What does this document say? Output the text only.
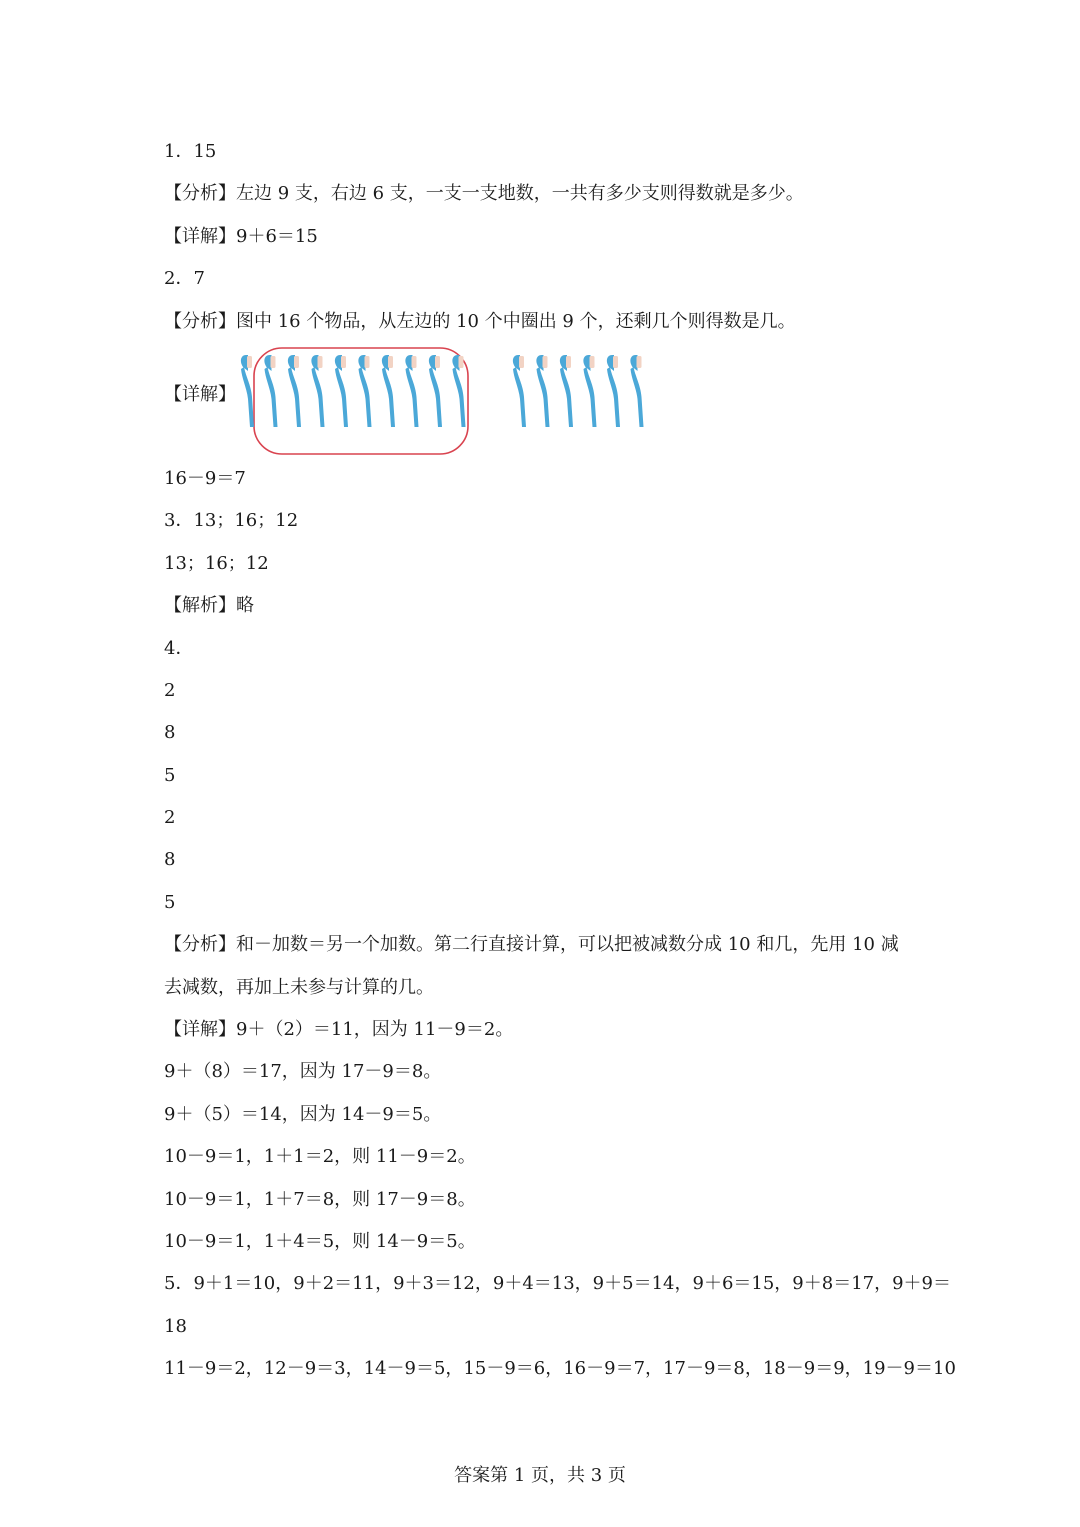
1．15
【分析】左边 9 支，右边 6 支，一支一支地数，一共有多少支则得数就是多少。
【详解】9＋6＝15
2．7
【分析】图中 16 个物品，从左边的 10 个中圈出 9 个，还剩几个则得数是几。
【详解】
16－9＝7
3．13；16；12
13；16；12
【解析】略
4．
2
8
5
2
8
5
【分析】和－加数＝另一个加数。第二行直接计算，可以把被减数分成 10 和几，先用 10 减
去减数，再加上未参与计算的几。
【详解】9＋（2）＝11，因为 11－9＝2。
9＋（8）＝17，因为 17－9＝8。
9＋（5）＝14，因为 14－9＝5。
10－9＝1，1＋1＝2，则 11－9＝2。
10－9＝1，1＋7＝8，则 17－9＝8。
10－9＝1，1＋4＝5，则 14－9＝5。
5．9＋1＝10，9＋2＝11，9＋3＝12，9＋4＝13，9＋5＝14，9＋6＝15，9＋8＝17，9＋9＝
18
11－9＝2，12－9＝3，14－9＝5，15－9＝6，16－9＝7，17－9＝8，18－9＝9，19－9＝10
答案第 1 页，共 3 页
